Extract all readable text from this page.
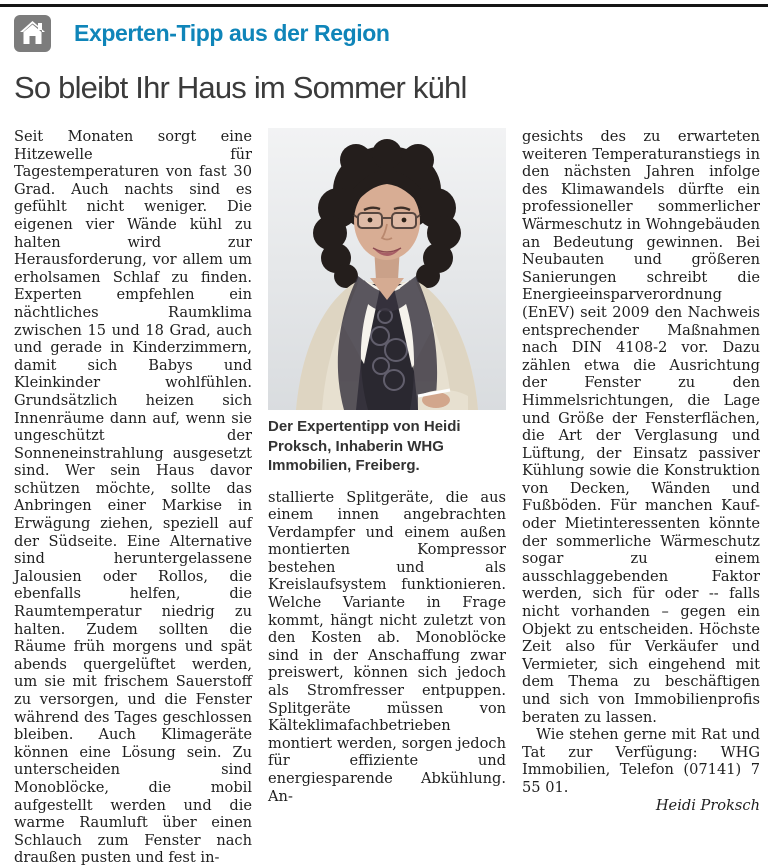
Experten-Tipp aus der Region
So bleibt Ihr Haus im Sommer kühl

Seit Monaten sorgt eine Hitzewelle für Tagestemperaturen von fast 30 Grad. Auch nachts sind es gefühlt nicht weniger. Die eigenen vier Wände kühl zu halten wird zur Herausforderung, vor allem um erholsamen Schlaf zu finden. Experten empfehlen ein nächtliches Raumklima zwischen 15 und 18 Grad, auch und gerade in Kinderzimmern, damit sich Babys und Kleinkinder wohlfühlen. Grundsätzlich heizen sich Innenräume dann auf, wenn sie ungeschützt der Sonneneinstrahlung ausgesetzt sind. Wer sein Haus davor schützen möchte, sollte das Anbringen einer Markise in Erwägung ziehen, speziell auf der Südseite. Eine Alternative sind heruntergelassene Jalousien oder Rollos, die ebenfalls helfen, die Raumtemperatur niedrig zu halten. Zudem sollten die Räume früh morgens und spät abends quergelüftet werden, um sie mit frischem Sauerstoff zu versorgen, und die Fenster während des Tages geschlossen bleiben. Auch Klimageräte können eine Lösung sein. Zu unterscheiden sind Monoblöcke, die mobil aufgestellt werden und die warme Raumluft über einen Schlauch zum Fenster nach draußen pusten und fest in-

Der Expertentipp von Heidi Proksch, Inhaberin WHG Immobilien, Freiberg.

stallierte Splitgeräte, die aus einem innen angebrachten Verdampfer und einem außen montierten Kompressor bestehen und als Kreislaufsystem funktionieren. Welche Variante in Frage kommt, hängt nicht zuletzt von den Kosten ab. Monoblöcke sind in der Anschaffung zwar preiswert, können sich jedoch als Stromfresser entpuppen. Splitgeräte müssen von Kälteklimafachbetrieben montiert werden, sorgen jedoch für effiziente und energiesparende Abkühlung. An-

gesichts des zu erwarteten weiteren Temperaturanstiegs in den nächsten Jahren infolge des Klimawandels dürfte ein professioneller sommerlicher Wärmeschutz in Wohngebäuden an Bedeutung gewinnen. Bei Neubauten und größeren Sanierungen schreibt die Energieeinsparverordnung (EnEV) seit 2009 den Nachweis entsprechender Maßnahmen nach DIN 4108-2 vor. Dazu zählen etwa die Ausrichtung der Fenster zu den Himmelsrichtungen, die Lage und Größe der Fensterflächen, die Art der Verglasung und Lüftung, der Einsatz passiver Kühlung sowie die Konstruktion von Decken, Wänden und Fußböden. Für manchen Kauf- oder Mietinteressenten könnte der sommerliche Wärmeschutz sogar zu einem ausschlaggebenden Faktor werden, sich für oder -- falls nicht vorhanden – gegen ein Objekt zu entscheiden. Höchste Zeit also für Verkäufer und Vermieter, sich eingehend mit dem Thema zu beschäftigen und sich von Immobilienprofis beraten zu lassen.

Wie stehen gerne mit Rat und Tat zur Verfügung: WHG Immobilien, Telefon (07141) 7 55 01.

Heidi Proksch
